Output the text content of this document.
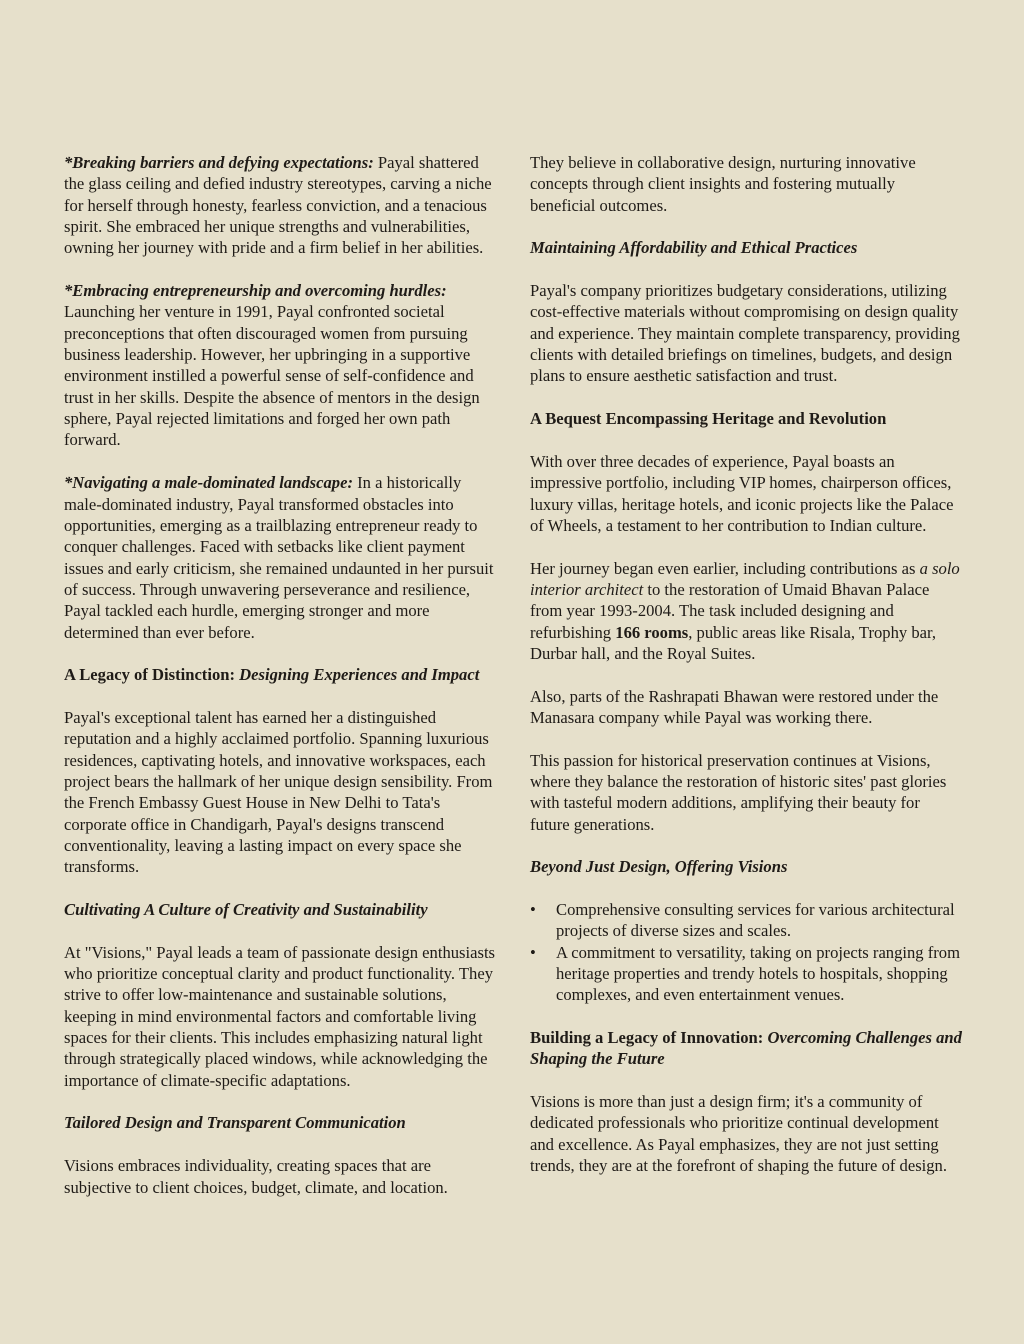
*Breaking barriers and defying expectations: Payal shattered the glass ceiling and defied industry stereotypes, carving a niche for herself through honesty, fearless conviction, and a tenacious spirit. She embraced her unique strengths and vulnerabilities, owning her journey with pride and a firm belief in her abilities.

*Embracing entrepreneurship and overcoming hurdles: Launching her venture in 1991, Payal confronted societal preconceptions that often discouraged women from pursuing business leadership. However, her upbringing in a supportive environment instilled a powerful sense of self-confidence and trust in her skills. Despite the absence of mentors in the design sphere, Payal rejected limitations and forged her own path forward.

*Navigating a male-dominated landscape: In a historically male-dominated industry, Payal transformed obstacles into opportunities, emerging as a trailblazing entrepreneur ready to conquer challenges. Faced with setbacks like client payment issues and early criticism, she remained undaunted in her pursuit of success. Through unwavering perseverance and resilience, Payal tackled each hurdle, emerging stronger and more determined than ever before.

A Legacy of Distinction: Designing Experiences and Impact

Payal's exceptional talent has earned her a distinguished reputation and a highly acclaimed portfolio. Spanning luxurious residences, captivating hotels, and innovative workspaces, each project bears the hallmark of her unique design sensibility. From the French Embassy Guest House in New Delhi to Tata's corporate office in Chandigarh, Payal's designs transcend conventionality, leaving a lasting impact on every space she transforms.

Cultivating A Culture of Creativity and Sustainability

At "Visions," Payal leads a team of passionate design enthusiasts who prioritize conceptual clarity and product functionality. They strive to offer low-maintenance and sustainable solutions, keeping in mind environmental factors and comfortable living spaces for their clients. This includes emphasizing natural light through strategically placed windows, while acknowledging the importance of climate-specific adaptations.

Tailored Design and Transparent Communication

Visions embraces individuality, creating spaces that are subjective to client choices, budget, climate, and location.

They believe in collaborative design, nurturing innovative concepts through client insights and fostering mutually beneficial outcomes.

Maintaining Affordability and Ethical Practices

Payal's company prioritizes budgetary considerations, utilizing cost-effective materials without compromising on design quality and experience. They maintain complete transparency, providing clients with detailed briefings on timelines, budgets, and design plans to ensure aesthetic satisfaction and trust.

A Bequest Encompassing Heritage and Revolution

With over three decades of experience, Payal boasts an impressive portfolio, including VIP homes, chairperson offices, luxury villas, heritage hotels, and iconic projects like the Palace of Wheels, a testament to her contribution to Indian culture.

Her journey began even earlier, including contributions as a solo interior architect to the restoration of Umaid Bhavan Palace from year 1993-2004. The task included designing and refurbishing 166 rooms, public areas like Risala, Trophy bar, Durbar hall, and the Royal Suites.

Also, parts of the Rashrapati Bhawan were restored under the Manasara company while Payal was working there.

This passion for historical preservation continues at Visions, where they balance the restoration of historic sites' past glories with tasteful modern additions, amplifying their beauty for future generations.

Beyond Just Design, Offering Visions

• Comprehensive consulting services for various architectural projects of diverse sizes and scales.
• A commitment to versatility, taking on projects ranging from heritage properties and trendy hotels to hospitals, shopping complexes, and even entertainment venues.

Building a Legacy of Innovation: Overcoming Challenges and Shaping the Future

Visions is more than just a design firm; it's a community of dedicated professionals who prioritize continual development and excellence. As Payal emphasizes, they are not just setting trends, they are at the forefront of shaping the future of design.
